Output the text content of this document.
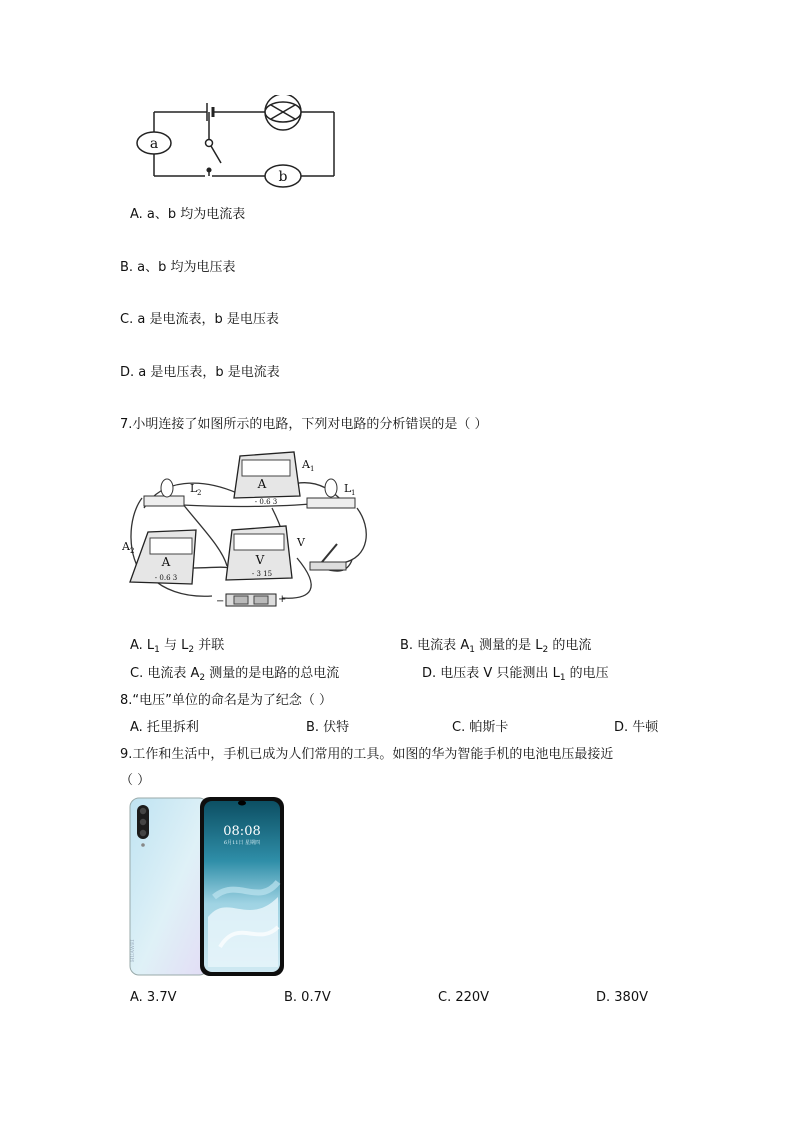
a
b
A. a、b 均为电流表
B. a、b 均为电压表
C. a 是电流表，b 是电压表
D. a 是电压表，b 是电流表
7.小明连接了如图所示的电路，下列对电路的分析错误的是（ ）
L 2	L 1
A
- 0.6 3
A 1
A
- 0.6 3
A 2
V
- 3 15
V
−	+
A. $L_1$ 与 $L_2$ 并联	B. 电流表 $A_1$ 测量的是 $L_2$ 的电流
C. 电流表 $A_2$ 测量的是电路的总电流	D. 电压表 V 只能测出 $L_1$ 的电压
8.“电压”单位的命名是为了纪念（ ）
A. 托里拆利	B. 伏特	C. 帕斯卡	D. 牛顿
9.工作和生活中，手机已成为人们常用的工具。如图的华为智能手机的电池电压最接近
（ ）
HUAWEI
08:08
6月11日 星期四
A. 3.7V	B. 0.7V	C. 220V	D. 380V
